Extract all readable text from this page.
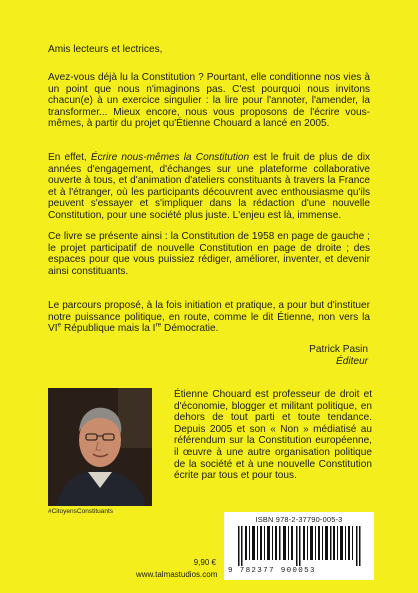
Amis lecteurs et lectrices,

Avez-vous déjà lu la Constitution ? Pourtant, elle conditionne nos vies à un point que nous n'imaginons pas. C'est pourquoi nous invitons chacun(e) à un exercice singulier : la lire pour l'annoter, l'amender, la transformer... Mieux encore, nous vous proposons de l'écrire vous-mêmes, à partir du projet qu'Étienne Chouard a lancé en 2005.

En effet, Écrire nous-mêmes la Constitution est le fruit de plus de dix années d'engagement, d'échanges sur une plateforme collaborative ouverte à tous, et d'animation d'ateliers constituants à travers la France et à l'étranger, où les participants découvrent avec enthousiasme qu'ils peuvent s'essayer et s'impliquer dans la rédaction d'une nouvelle Constitution, pour une société plus juste. L'enjeu est là, immense.

Ce livre se présente ainsi : la Constitution de 1958 en page de gauche ; le projet participatif de nouvelle Constitution en page de droite ; des espaces pour que vous puissiez rédiger, améliorer, inventer, et devenir ainsi constituants.

Le parcours proposé, à la fois initiation et pratique, a pour but d'instituer notre puissance politique, en route, comme le dit Étienne, non vers la VIe République mais la Ire Démocratie.

Patrick Pasin
Éditeur
#CitoyensConstituants

Étienne Chouard est professeur de droit et d'économie, blogger et militant politique, en dehors de tout parti et toute tendance. Depuis 2005 et son « Non » médiatisé au référendum sur la Constitution européenne, il œuvre à une autre organisation politique de la société et à une nouvelle Constitution écrite par tous et pour tous.

ISBN 978-2-37790-005-3
9 782377 900053
9,90 €
www.talmastudios.com
